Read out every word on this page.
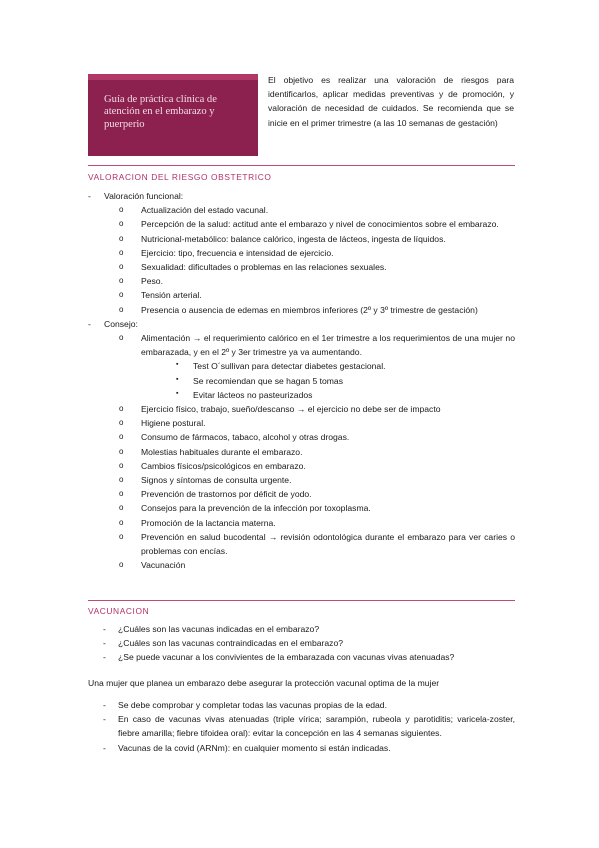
Guía de práctica clínica de atención en el embarazo y puerperio
El objetivo es realizar una valoración de riesgos para identificarlos, aplicar medidas preventivas y de promoción, y valoración de necesidad de cuidados. Se recomienda que se inicie en el primer trimestre (a las 10 semanas de gestación)
VALORACION DEL RIESGO OBSTETRICO
- Valoración funcional:
o Actualización del estado vacunal.
o Percepción de la salud: actitud ante el embarazo y nivel de conocimientos sobre el embarazo.
o Nutricional-metabólico: balance calórico, ingesta de lácteos, ingesta de líquidos.
o Ejercicio: tipo, frecuencia e intensidad de ejercicio.
o Sexualidad: dificultades o problemas en las relaciones sexuales.
o Peso.
o Tensión arterial.
o Presencia o ausencia de edemas en miembros inferiores (2º y 3º trimestre de gestación)
- Consejo:
o Alimentación → el requerimiento calórico en el 1er trimestre a los requerimientos de una mujer no embarazada, y en el 2º y 3er trimestre ya va aumentando.
▪ Test O´sullivan para detectar diabetes gestacional.
▪ Se recomiendan que se hagan 5 tomas
▪ Evitar lácteos no pasteurizados
o Ejercicio físico, trabajo, sueño/descanso → el ejercicio no debe ser de impacto
o Higiene postural.
o Consumo de fármacos, tabaco, alcohol y otras drogas.
o Molestias habituales durante el embarazo.
o Cambios físicos/psicológicos en embarazo.
o Signos y síntomas de consulta urgente.
o Prevención de trastornos por déficit de yodo.
o Consejos para la prevención de la infección por toxoplasma.
o Promoción de la lactancia materna.
o Prevención en salud bucodental → revisión odontológica durante el embarazo para ver caries o problemas con encías.
o Vacunación
VACUNACION
- ¿Cuáles son las vacunas indicadas en el embarazo?
- ¿Cuáles son las vacunas contraindicadas en el embarazo?
- ¿Se puede vacunar a los convivientes de la embarazada con vacunas vivas atenuadas?
Una mujer que planea un embarazo debe asegurar la protección vacunal optima de la mujer
- Se debe comprobar y completar todas las vacunas propias de la edad.
- En caso de vacunas vivas atenuadas (triple vírica; sarampión, rubeola y parotiditis; varicela-zoster, fiebre amarilla; fiebre tifoidea oral): evitar la concepción en las 4 semanas siguientes.
- Vacunas de la covid (ARNm): en cualquier momento si están indicadas.
